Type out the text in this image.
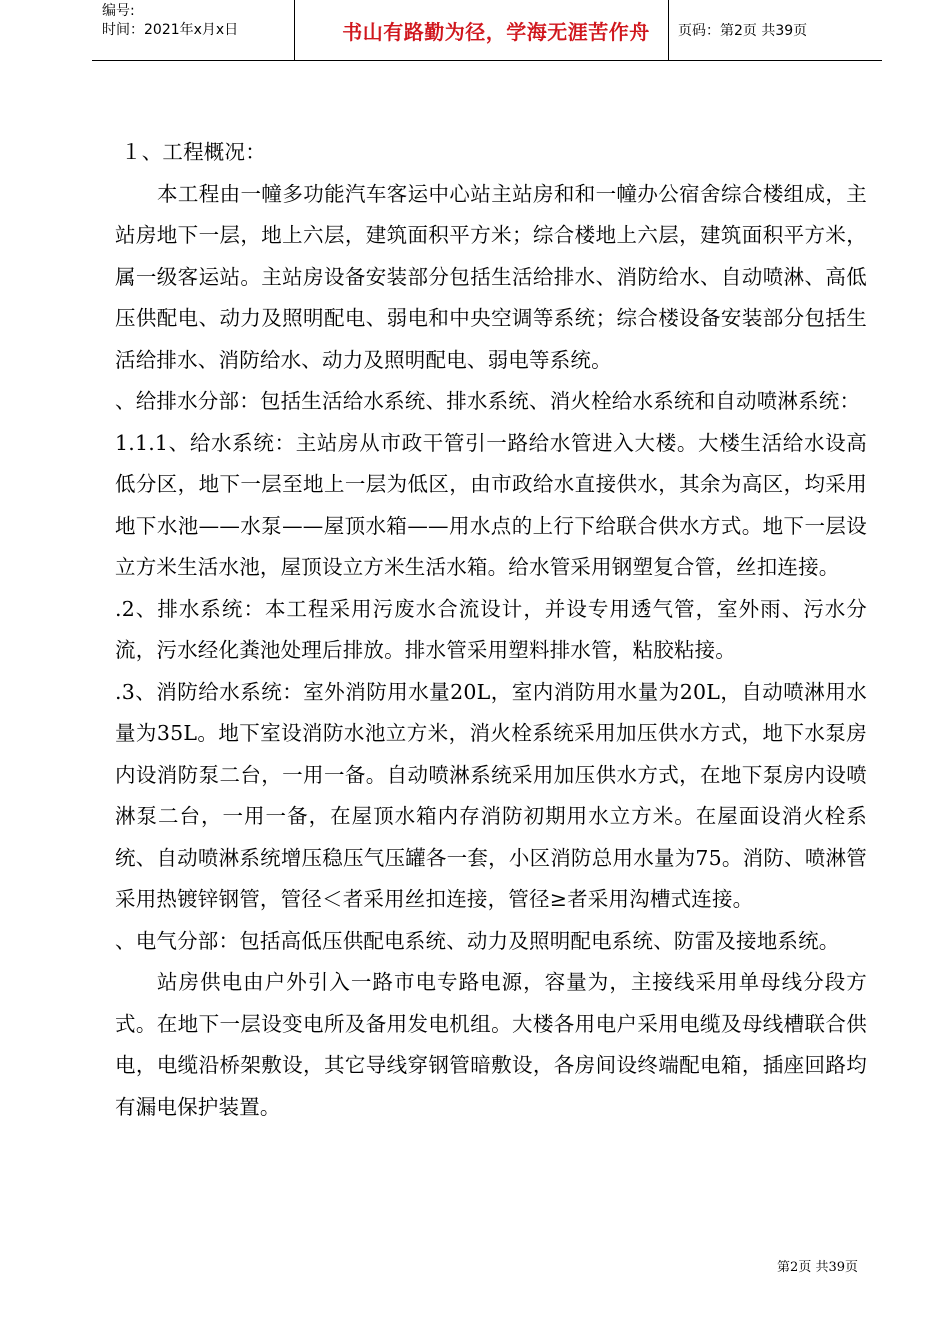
编号:
时间：2021年x月x日	书山有路勤为径，学海无涯苦作舟	页码：第2页 共39页

１、工程概况：

本工程由一幢多功能汽车客运中心站主站房和和一幢办公宿舍综合楼组成，主站房地下一层，地上六层，建筑面积平方米；综合楼地上六层，建筑面积平方米，属一级客运站。主站房设备安装部分包括生活给排水、消防给水、自动喷淋、高低压供配电、动力及照明配电、弱电和中央空调等系统；综合楼设备安装部分包括生活给排水、消防给水、动力及照明配电、弱电等系统。

、给排水分部：包括生活给水系统、排水系统、消火栓给水系统和自动喷淋系统：

1.1.1、给水系统：主站房从市政干管引一路给水管进入大楼。大楼生活给水设高低分区，地下一层至地上一层为低区，由市政给水直接供水，其余为高区，均采用地下水池——水泵——屋顶水箱——用水点的上行下给联合供水方式。地下一层设立方米生活水池，屋顶设立方米生活水箱。给水管采用钢塑复合管，丝扣连接。

.2、排水系统：本工程采用污废水合流设计，并设专用透气管，室外雨、污水分流，污水经化粪池处理后排放。排水管采用塑料排水管，粘胶粘接。

.3、消防给水系统：室外消防用水量20L，室内消防用水量为20L，自动喷淋用水量为35L。地下室设消防水池立方米，消火栓系统采用加压供水方式，地下水泵房内设消防泵二台，一用一备。自动喷淋系统采用加压供水方式，在地下泵房内设喷淋泵二台，一用一备，在屋顶水箱内存消防初期用水立方米。在屋面设消火栓系统、自动喷淋系统增压稳压气压罐各一套，小区消防总用水量为75。消防、喷淋管采用热镀锌钢管，管径＜者采用丝扣连接，管径≥者采用沟槽式连接。

、电气分部：包括高低压供配电系统、动力及照明配电系统、防雷及接地系统。

站房供电由户外引入一路市电专路电源，容量为，主接线采用单母线分段方式。在地下一层设变电所及备用发电机组。大楼各用电户采用电缆及母线槽联合供电，电缆沿桥架敷设，其它导线穿钢管暗敷设，各房间设终端配电箱，插座回路均有漏电保护装置。

第2页 共39页
